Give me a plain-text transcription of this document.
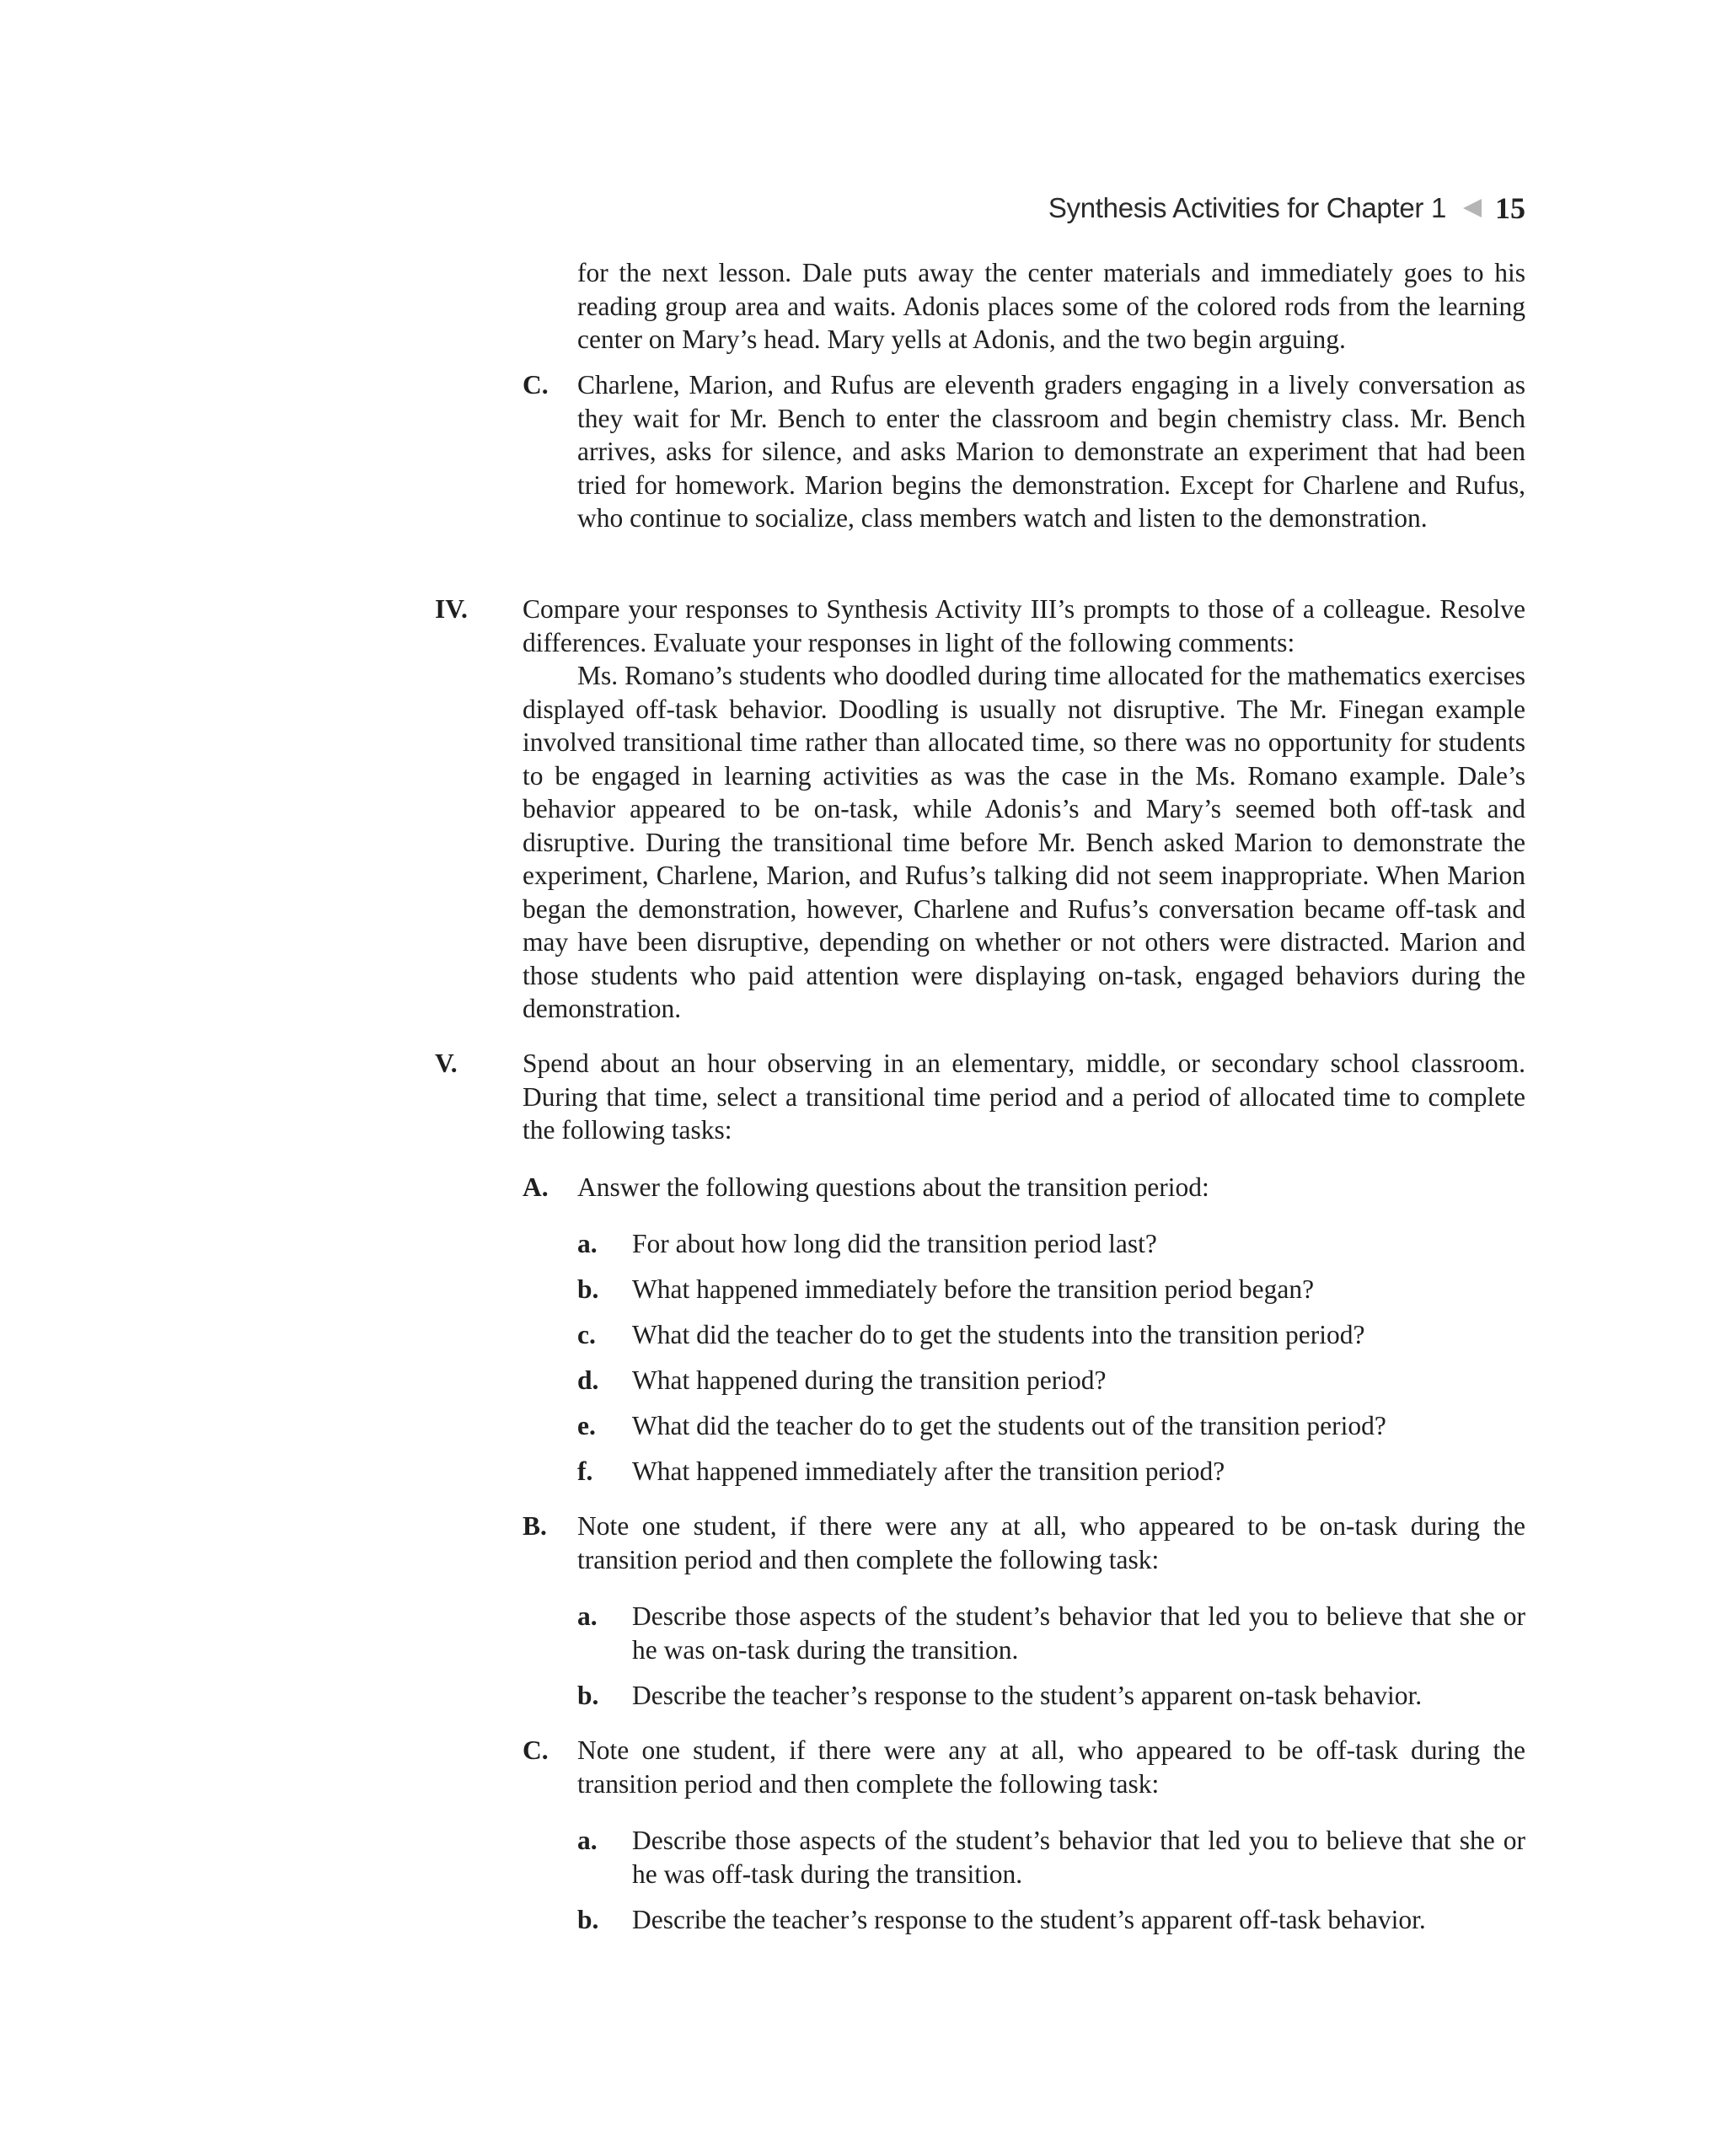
Synthesis Activities for Chapter 1 15
for the next lesson. Dale puts away the center materials and immediately goes to his reading group area and waits. Adonis places some of the colored rods from the learning center on Mary’s head. Mary yells at Adonis, and the two begin arguing.
C. Charlene, Marion, and Rufus are eleventh graders engaging in a lively conversation as they wait for Mr. Bench to enter the classroom and begin chemistry class. Mr. Bench arrives, asks for silence, and asks Marion to demonstrate an experiment that had been tried for homework. Marion begins the demonstration. Except for Charlene and Rufus, who continue to socialize, class members watch and listen to the demonstration.
IV. Compare your responses to Synthesis Activity III’s prompts to those of a colleague. Resolve differences. Evaluate your responses in light of the following comments:
Ms. Romano’s students who doodled during time allocated for the mathematics exercises displayed off-task behavior. Doodling is usually not disruptive. The Mr. Finegan example involved transitional time rather than allocated time, so there was no opportunity for students to be engaged in learning activities as was the case in the Ms. Romano example. Dale’s behavior appeared to be on-task, while Adonis’s and Mary’s seemed both off-task and disruptive. During the transitional time before Mr. Bench asked Marion to demonstrate the experiment, Charlene, Marion, and Rufus’s talking did not seem inappropriate. When Marion began the demonstration, however, Charlene and Rufus’s conversation became off-task and may have been disruptive, depending on whether or not others were distracted. Marion and those students who paid attention were displaying on-task, engaged behaviors during the demonstration.
V. Spend about an hour observing in an elementary, middle, or secondary school classroom. During that time, select a transitional time period and a period of allocated time to complete the following tasks:
A. Answer the following questions about the transition period:
a. For about how long did the transition period last?
b. What happened immediately before the transition period began?
c. What did the teacher do to get the students into the transition period?
d. What happened during the transition period?
e. What did the teacher do to get the students out of the transition period?
f. What happened immediately after the transition period?
B. Note one student, if there were any at all, who appeared to be on-task during the transition period and then complete the following task:
a. Describe those aspects of the student’s behavior that led you to believe that she or he was on-task during the transition.
b. Describe the teacher’s response to the student’s apparent on-task behavior.
C. Note one student, if there were any at all, who appeared to be off-task during the transition period and then complete the following task:
a. Describe those aspects of the student’s behavior that led you to believe that she or he was off-task during the transition.
b. Describe the teacher’s response to the student’s apparent off-task behavior.
